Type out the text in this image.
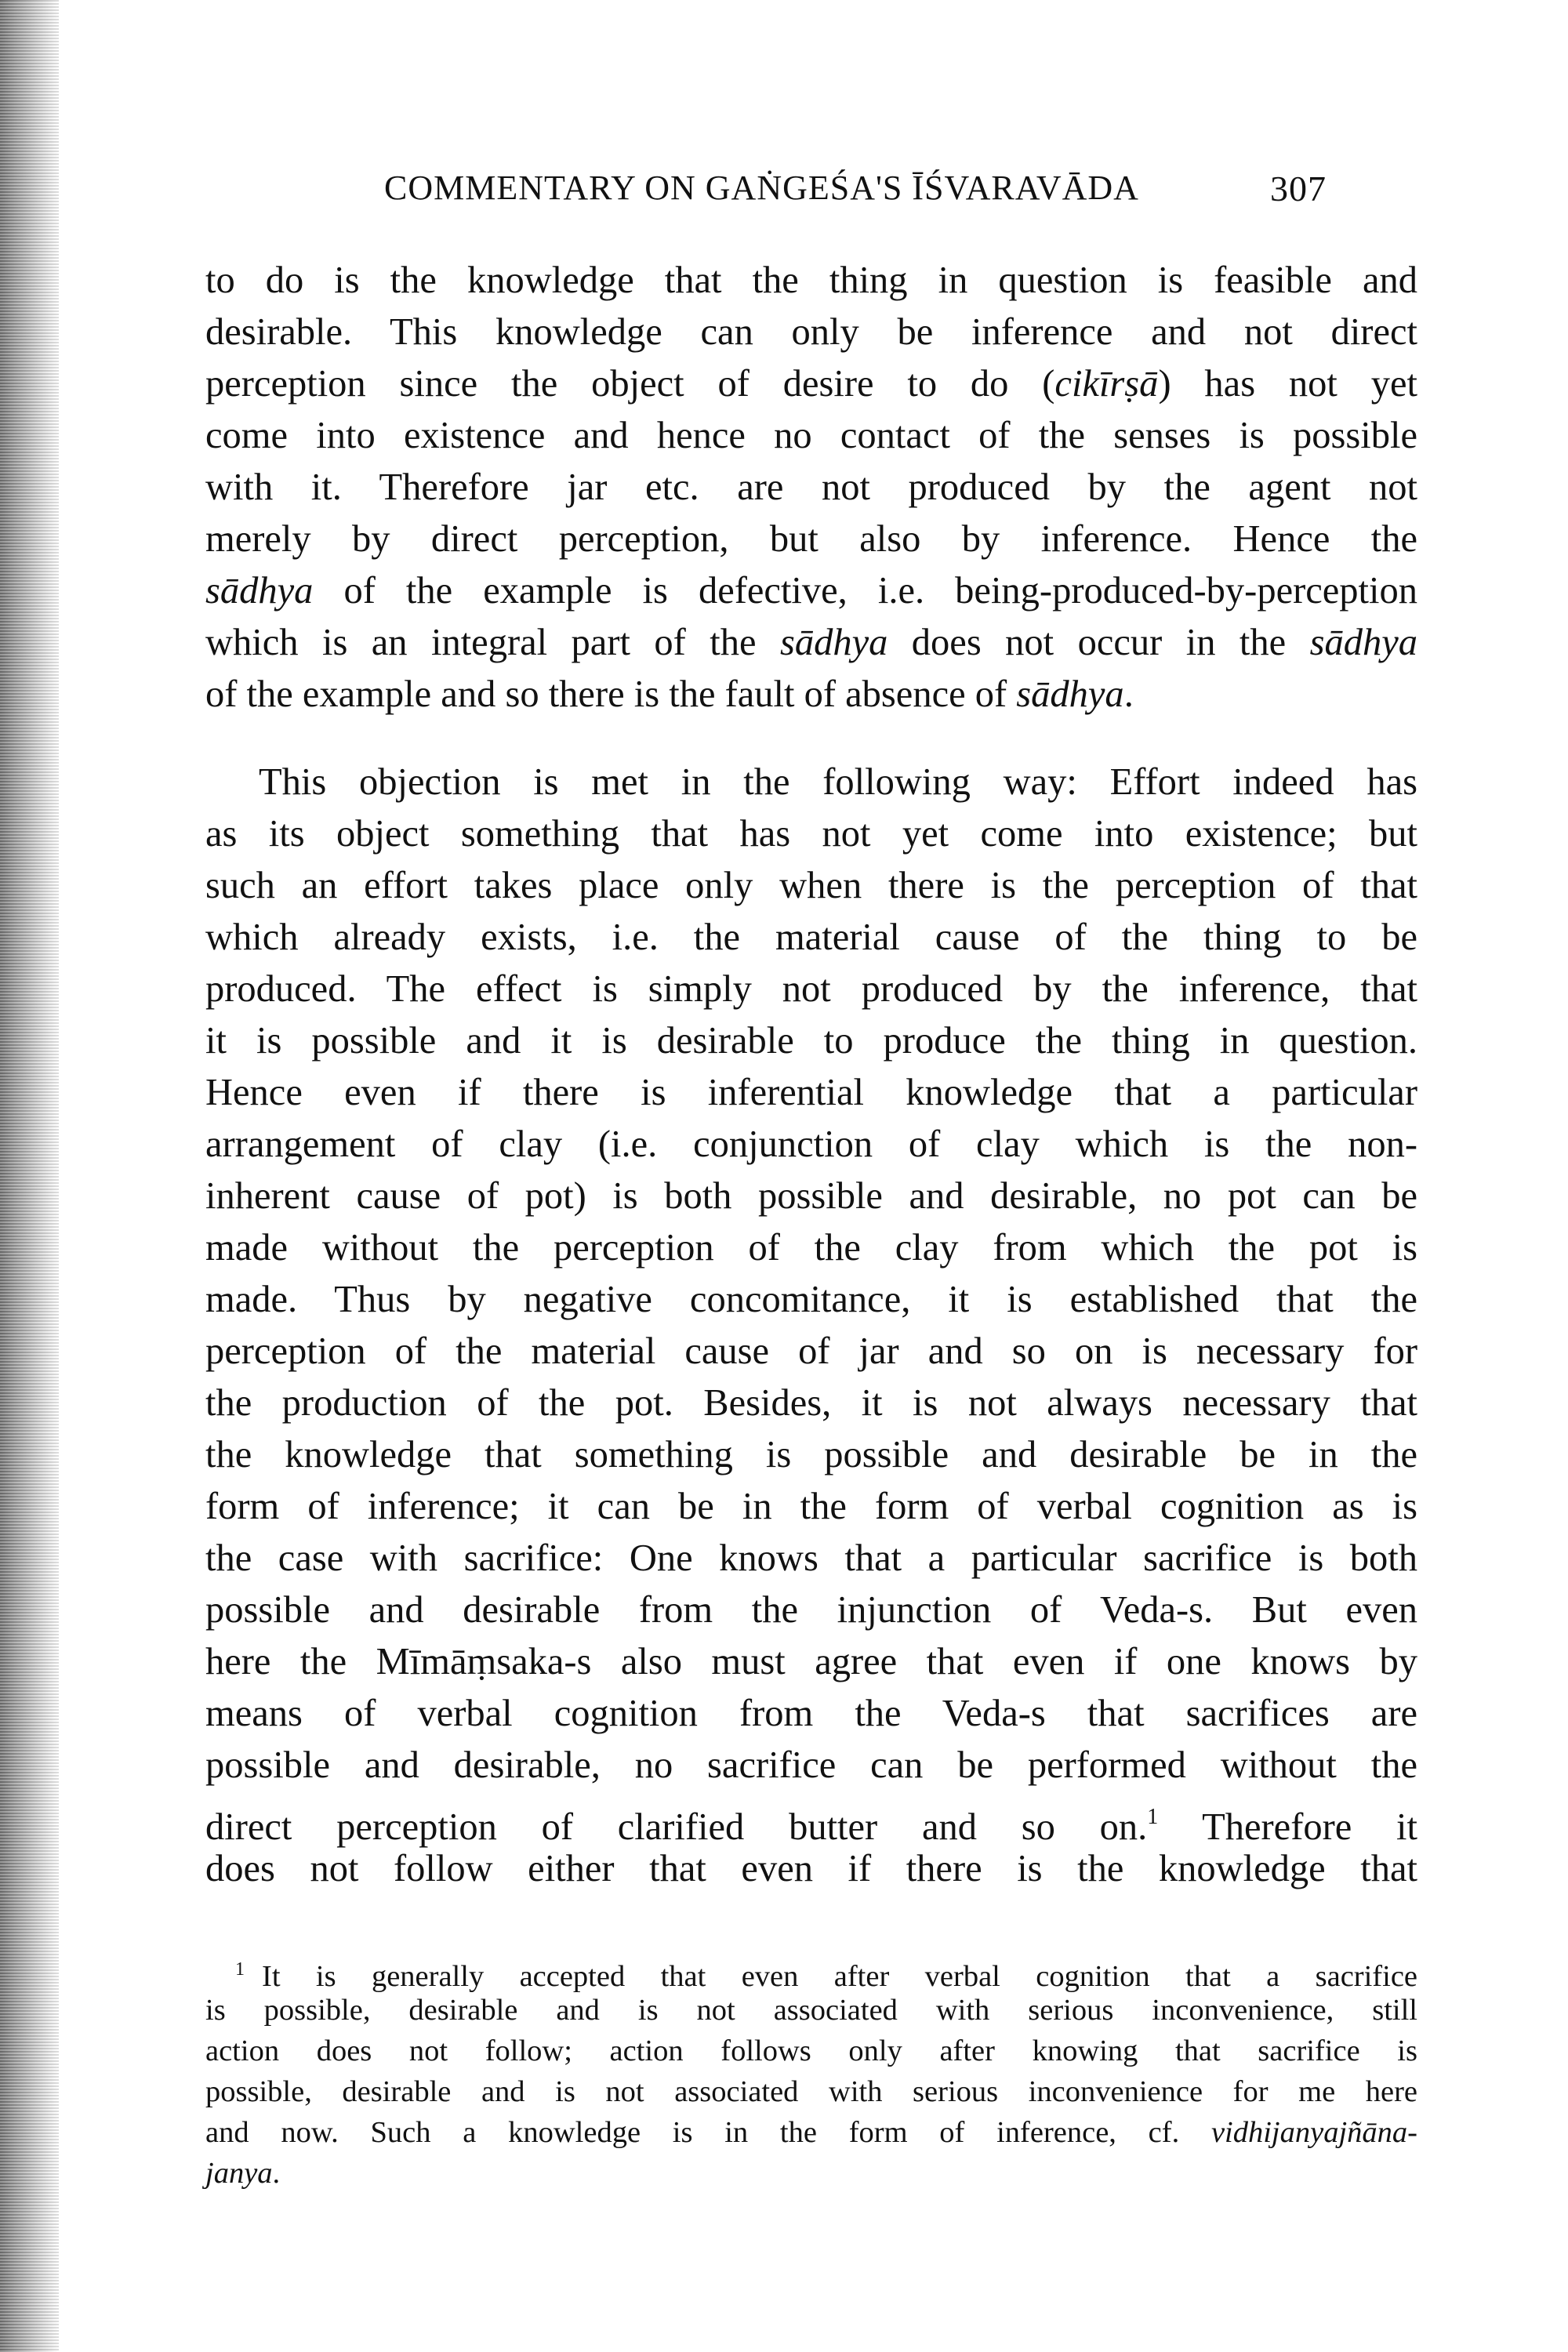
COMMENTARY ON GAṄGEŚA'S ĪŚVARAVĀDA	307
to do is the knowledge that the thing in question is feasible and
desirable. This knowledge can only be inference and not direct
perception since the object of desire to do (cikīrṣā) has not yet
come into existence and hence no contact of the senses is possible
with it. Therefore jar etc. are not produced by the agent not
merely by direct perception, but also by inference. Hence the
sādhya of the example is defective, i.e. being-produced-by-perception
which is an integral part of the sādhya does not occur in the sādhya
of the example and so there is the fault of absence of sādhya.
This objection is met in the following way: Effort indeed has
as its object something that has not yet come into existence; but
such an effort takes place only when there is the perception of that
which already exists, i.e. the material cause of the thing to be
produced. The effect is simply not produced by the inference, that
it is possible and it is desirable to produce the thing in question.
Hence even if there is inferential knowledge that a particular
arrangement of clay (i.e. conjunction of clay which is the non-
inherent cause of pot) is both possible and desirable, no pot can be
made without the perception of the clay from which the pot is
made. Thus by negative concomitance, it is established that the
perception of the material cause of jar and so on is necessary for
the production of the pot. Besides, it is not always necessary that
the knowledge that something is possible and desirable be in the
form of inference; it can be in the form of verbal cognition as is
the case with sacrifice: One knows that a particular sacrifice is both
possible and desirable from the injunction of Veda-s. But even
here the Mīmāṃsaka-s also must agree that even if one knows by
means of verbal cognition from the Veda-s that sacrifices are
possible and desirable, no sacrifice can be performed without the
direct perception of clarified butter and so on.$^1$ Therefore it
does not follow either that even if there is the knowledge that
$^1$ It is generally accepted that even after verbal cognition that a sacrifice
is possible, desirable and is not associated with serious inconvenience, still
action does not follow; action follows only after knowing that sacrifice is
possible, desirable and is not associated with serious inconvenience for me here
and now. Such a knowledge is in the form of inference, cf. vidhijanyajñāna-
janya.
